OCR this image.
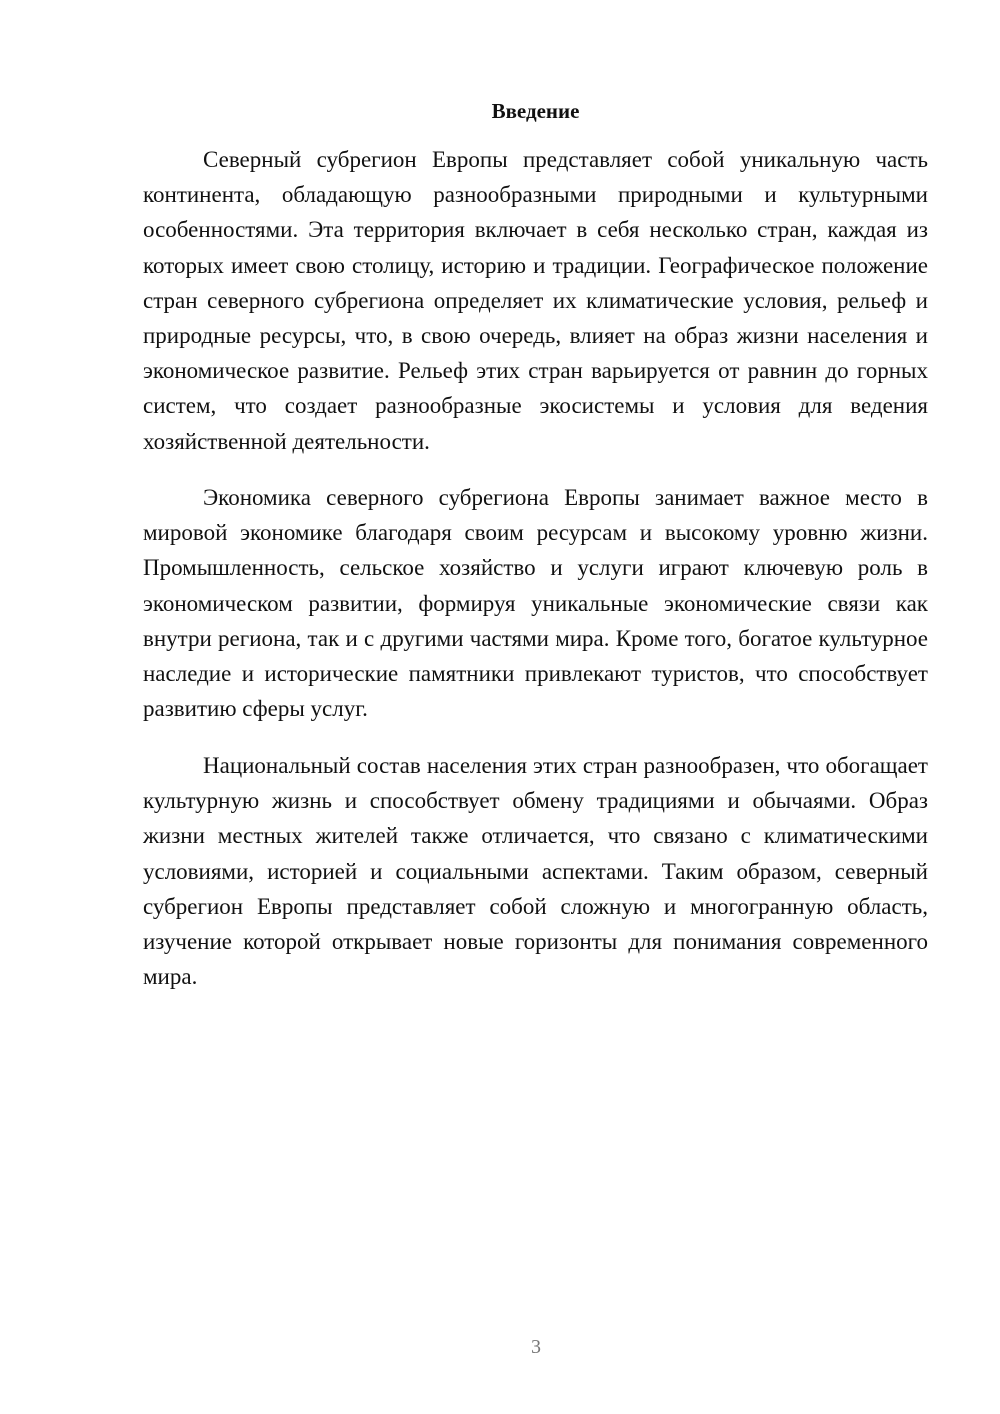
Введение

Северный субрегион Европы представляет собой уникальную часть континента, обладающую разнообразными природными и культурными особенностями. Эта территория включает в себя несколько стран, каждая из которых имеет свою столицу, историю и традиции. Географическое положение стран северного субрегиона определяет их климатические условия, рельеф и природные ресурсы, что, в свою очередь, влияет на образ жизни населения и экономическое развитие. Рельеф этих стран варьируется от равнин до горных систем, что создает разнообразные экосистемы и условия для ведения хозяйственной деятельности.

Экономика северного субрегиона Европы занимает важное место в мировой экономике благодаря своим ресурсам и высокому уровню жизни. Промышленность, сельское хозяйство и услуги играют ключевую роль в экономическом развитии, формируя уникальные экономические связи как внутри региона, так и с другими частями мира. Кроме того, богатое культурное наследие и исторические памятники привлекают туристов, что способствует развитию сферы услуг.

Национальный состав населения этих стран разнообразен, что обогащает культурную жизнь и способствует обмену традициями и обычаями. Образ жизни местных жителей также отличается, что связано с климатическими условиями, историей и социальными аспектами. Таким образом, северный субрегион Европы представляет собой сложную и многогранную область, изучение которой открывает новые горизонты для понимания современного мира.

3
